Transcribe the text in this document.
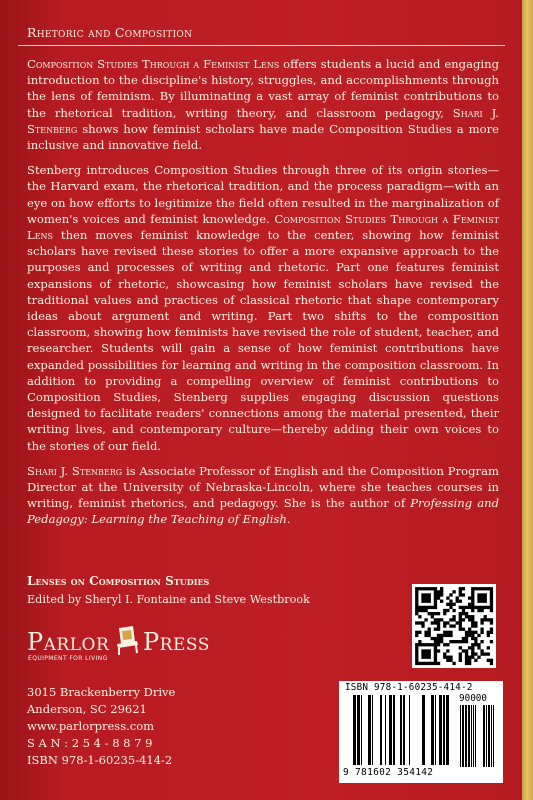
Rhetoric and Composition

Composition Studies Through a Feminist Lens offers students a lucid and engaging introduction to the discipline's history, struggles, and accomplishments through the lens of feminism. By illuminating a vast array of feminist contributions to the rhetorical tradition, writing theory, and classroom pedagogy, Shari J. Stenberg shows how feminist scholars have made Composition Studies a more inclusive and innovative field.

Stenberg introduces Composition Studies through three of its origin stories—the Harvard exam, the rhetorical tradition, and the process paradigm—with an eye on how efforts to legitimize the field often resulted in the marginalization of women's voices and feminist knowledge. Composition Studies Through a Feminist Lens then moves feminist knowledge to the center, showing how feminist scholars have revised these stories to offer a more expansive approach to the purposes and processes of writing and rhetoric. Part one features feminist expansions of rhetoric, showcasing how feminist scholars have revised the traditional values and practices of classical rhetoric that shape contemporary ideas about argument and writing. Part two shifts to the composition classroom, showing how feminists have revised the role of student, teacher, and researcher. Students will gain a sense of how feminist contributions have expanded possibilities for learning and writing in the composition classroom. In addition to providing a compelling overview of feminist contributions to Composition Studies, Stenberg supplies engaging discussion questions designed to facilitate readers' connections among the material presented, their writing lives, and contemporary culture—thereby adding their own voices to the stories of our field.

Shari J. Stenberg is Associate Professor of English and the Composition Program Director at the University of Nebraska-Lincoln, where she teaches courses in writing, feminist rhetorics, and pedagogy. She is the author of Professing and Pedagogy: Learning the Teaching of English.

Lenses on Composition Studies
Edited by Sheryl I. Fontaine and Steve Westbrook
Parlor Press
EQUIPMENT FOR LIVING
3015 Brackenberry Drive
Anderson, SC 29621
www.parlorpress.com
S A N : 2 5 4 - 8 8 7 9
ISBN 978-1-60235-414-2
ISBN 978-1-60235-414-2
90000
9 781602 354142
